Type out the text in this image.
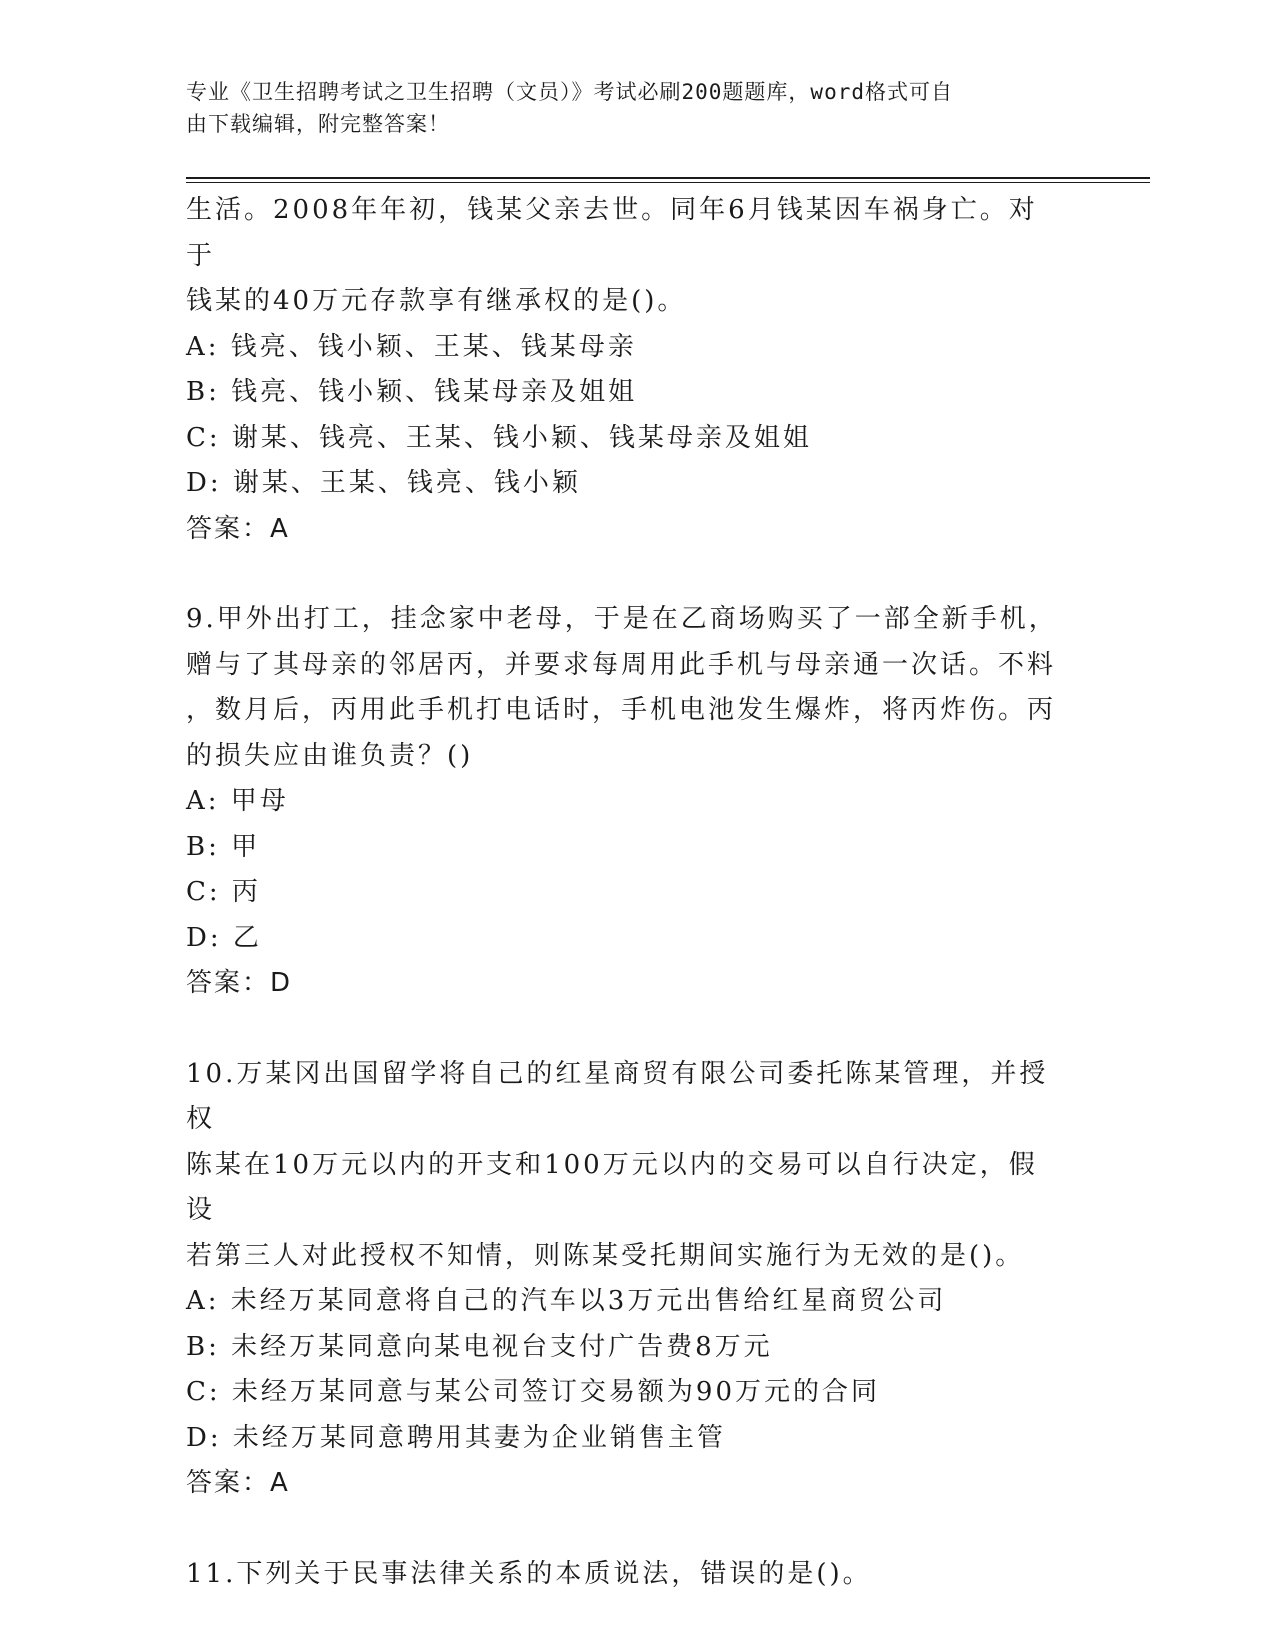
专业《卫生招聘考试之卫生招聘（文员）》考试必刷200题题库，word格式可自
由下载编辑，附完整答案！

生活。2008年年初，钱某父亲去世。同年6月钱某因车祸身亡。对于

钱某的40万元存款享有继承权的是()。

A: 钱亮、钱小颖、王某、钱某母亲

B: 钱亮、钱小颖、钱某母亲及姐姐

C: 谢某、钱亮、王某、钱小颖、钱某母亲及姐姐

D: 谢某、王某、钱亮、钱小颖

答案：A

9.甲外出打工，挂念家中老母，于是在乙商场购买了一部全新手机，

赠与了其母亲的邻居丙，并要求每周用此手机与母亲通一次话。不料

，数月后，丙用此手机打电话时，手机电池发生爆炸，将丙炸伤。丙

的损失应由谁负责？()

A: 甲母

B: 甲

C: 丙

D: 乙

答案：D

10.万某冈出国留学将自己的红星商贸有限公司委托陈某管理，并授权

陈某在10万元以内的开支和100万元以内的交易可以自行决定，假设

若第三人对此授权不知情，则陈某受托期间实施行为无效的是()。

A: 未经万某同意将自己的汽车以3万元出售给红星商贸公司

B: 未经万某同意向某电视台支付广告费8万元

C: 未经万某同意与某公司签订交易额为90万元的合同

D: 未经万某同意聘用其妻为企业销售主管

答案：A

11.下列关于民事法律关系的本质说法，错误的是()。
